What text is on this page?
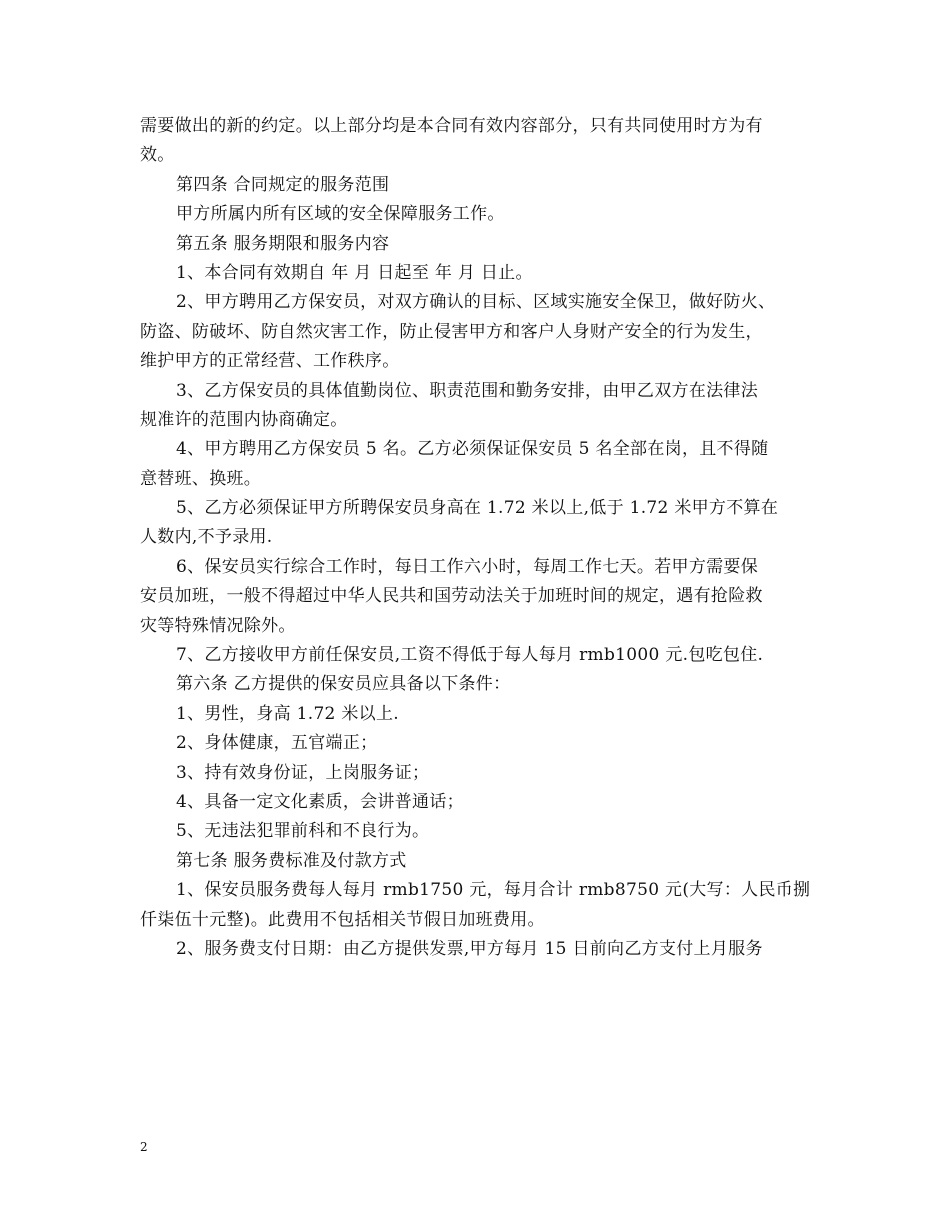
需要做出的新的约定。以上部分均是本合同有效内容部分，只有共同使用时方为有
效。
第四条 合同规定的服务范围
甲方所属内所有区域的安全保障服务工作。
第五条 服务期限和服务内容
1、本合同有效期自 年 月 日起至 年 月 日止。
2、甲方聘用乙方保安员，对双方确认的目标、区域实施安全保卫，做好防火、
防盗、防破坏、防自然灾害工作，防止侵害甲方和客户人身财产安全的行为发生，
维护甲方的正常经营、工作秩序。
3、乙方保安员的具体值勤岗位、职责范围和勤务安排，由甲乙双方在法律法
规准许的范围内协商确定。
4、甲方聘用乙方保安员 5 名。乙方必须保证保安员 5 名全部在岗，且不得随
意替班、换班。
5、乙方必须保证甲方所聘保安员身高在 1.72 米以上,低于 1.72 米甲方不算在
人数内,不予录用.
6、保安员实行综合工作时，每日工作六小时，每周工作七天。若甲方需要保
安员加班，一般不得超过中华人民共和国劳动法关于加班时间的规定，遇有抢险救
灾等特殊情况除外。
7、乙方接收甲方前任保安员,工资不得低于每人每月 rmb1000 元.包吃包住.
第六条 乙方提供的保安员应具备以下条件：
1、男性，身高 1.72 米以上.
2、身体健康，五官端正；
3、持有效身份证，上岗服务证；
4、具备一定文化素质，会讲普通话；
5、无违法犯罪前科和不良行为。
第七条 服务费标准及付款方式
1、保安员服务费每人每月 rmb1750 元，每月合计 rmb8750 元(大写：人民币捌
仟柒伍十元整)。此费用不包括相关节假日加班费用。
2、服务费支付日期：由乙方提供发票,甲方每月 15 日前向乙方支付上月服务
2
